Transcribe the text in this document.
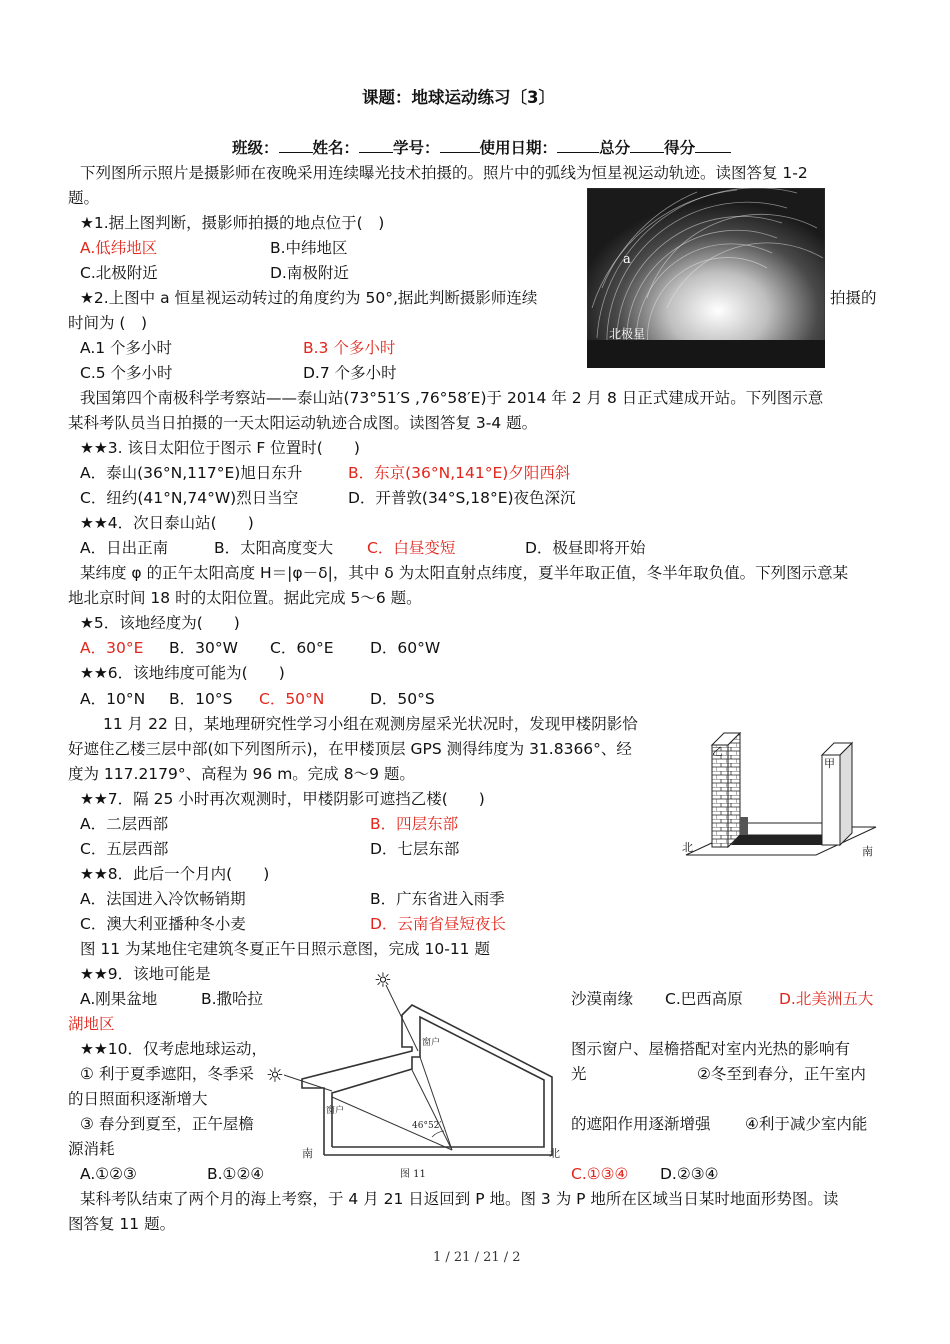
课题：地球运动练习〔3〕
班级： 姓名： 学号：	使用日期：	总分 得分
下列图所示照片是摄影师在夜晚采用连续曝光技术拍摄的。照片中的弧线为恒星视运动轨迹。读图答复 1-2
题。
★1.据上图判断，摄影师拍摄的地点位于(　)
A.低纬地区	B.中纬地区
C.北极附近	D.南极附近
★2.上图中 a 恒星视运动转过的角度约为 50°,据此判断摄影师连续	拍摄的
时间为 (　)
A.1 个多小时	B.3 个多小时
C.5 个多小时	D.7 个多小时
a
北极星
我国第四个南极科学考察站——泰山站(73°51′S ,76°58′E)于 2014 年 2 月 8 日正式建成开站。下列图示意
某科考队员当日拍摄的一天太阳运动轨迹合成图。读图答复 3-4 题。
★★3. 该日太阳位于图示 F 位置时(　　)
A．泰山(36°N,117°E)旭日东升	B．东京(36°N,141°E)夕阳西斜
C．纽约(41°N,74°W)烈日当空	D．开普敦(34°S,18°E)夜色深沉
★★4．次日泰山站(　　)
A．日出正南	B．太阳高度变大 C．白昼变短	D．极昼即将开始
某纬度 φ 的正午太阳高度 H＝|φ－δ|，其中 δ 为太阳直射点纬度，夏半年取正值，冬半年取负值。下列图示意某
地北京时间 18 时的太阳位置。据此完成 5～6 题。
★5．该地经度为(　　)
A．30°E B．30°W C．60°E D．60°W
★★6．该地纬度可能为(　　)
A．10°N B．10°S C．50°N	D．50°S
11 月 22 日，某地理研究性学习小组在观测房屋采光状况时，发现甲楼阴影恰
好遮住乙楼三层中部(如下列图所示)，在甲楼顶层 GPS 测得纬度为 31.8366°、经
度为 117.2179°、高程为 96 m。完成 8～9 题。
乙
甲
北	南
★★7．隔 25 小时再次观测时，甲楼阴影可遮挡乙楼(　　)
A．二层西部	B．四层东部
C．五层西部	D．七层东部
★★8．此后一个月内(　　)
A．法国进入冷饮畅销期	B．广东省进入雨季
C．澳大利亚播种冬小麦	D．云南省昼短夜长
图 11 为某地住宅建筑冬夏正午日照示意图，完成 10-11 题
★★9．该地可能是
A.刚果盆地	B.撒哈拉	沙漠南缘 C.巴西高原 D.北美洲五大
湖地区
★★10．仅考虑地球运动，	图示窗户、屋檐搭配对室内光热的影响有
① 利于夏季遮阳，冬季采	光	②冬至到春分，正午室内
的日照面积逐渐增大
③ 春分到夏至，正午屋檐	的遮阳作用逐渐增强 ④利于减少室内能
源消耗
A.①②③	B.①②④	C.①③④ D.②③④
☼
☼
窗户
窗户
46°52′
南	北
图 11
某科考队结束了两个月的海上考察，于 4 月 21 日返回到 P 地。图 3 为 P 地所在区域当日某时地面形势图。读
图答复 11 题。
1 / 21 / 21 / 2
